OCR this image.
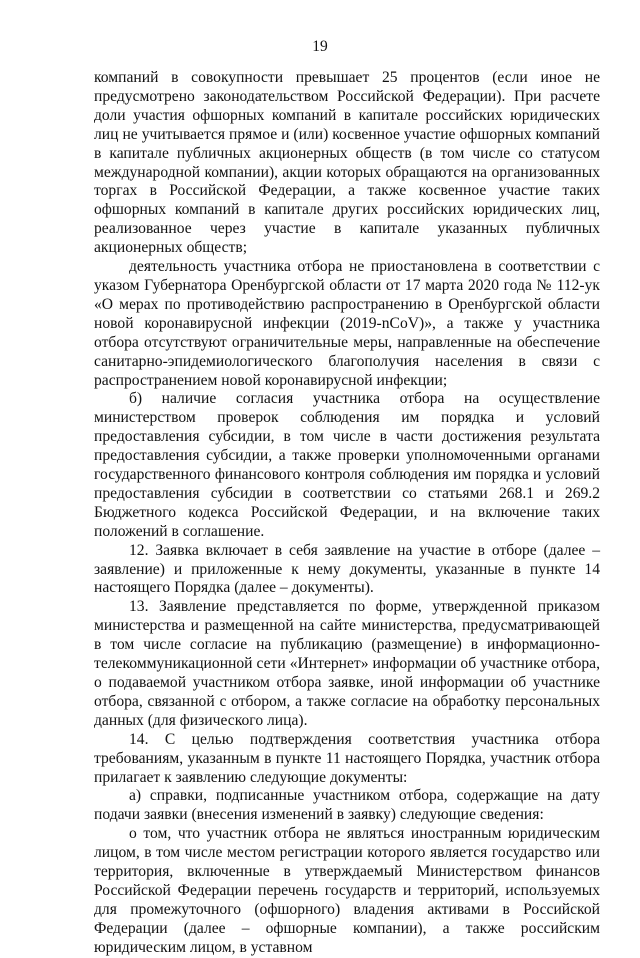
19

компаний в совокупности превышает 25 процентов (если иное не предусмотрено законодательством Российской Федерации). При расчете доли участия офшорных компаний в капитале российских юридических лиц не учитывается прямое и (или) косвенное участие офшорных компаний в капитале публичных акционерных обществ (в том числе со статусом международной компании), акции которых обращаются на организованных торгах в Российской Федерации, а также косвенное участие таких офшорных компаний в капитале других российских юридических лиц, реализованное через участие в капитале указанных публичных акционерных обществ;

деятельность участника отбора не приостановлена в соответствии с указом Губернатора Оренбургской области от 17 марта 2020 года № 112-ук «О мерах по противодействию распространению в Оренбургской области новой коронавирусной инфекции (2019-nCoV)», а также у участника отбора отсутствуют ограничительные меры, направленные на обеспечение санитарно-эпидемиологического благополучия населения в связи с распространением новой коронавирусной инфекции;

б) наличие согласия участника отбора на осуществление министерством проверок соблюдения им порядка и условий предоставления субсидии, в том числе в части достижения результата предоставления субсидии, а также проверки уполномоченными органами государственного финансового контроля соблюдения им порядка и условий предоставления субсидии в соответствии со статьями 268.1 и 269.2 Бюджетного кодекса Российской Федерации, и на включение таких положений в соглашение.

12. Заявка включает в себя заявление на участие в отборе (далее – заявление) и приложенные к нему документы, указанные в пункте 14 настоящего Порядка (далее – документы).

13. Заявление представляется по форме, утвержденной приказом министерства и размещенной на сайте министерства, предусматривающей в том числе согласие на публикацию (размещение) в информационно-телекоммуникационной сети «Интернет» информации об участнике отбора, о подаваемой участником отбора заявке, иной информации об участнике отбора, связанной с отбором, а также согласие на обработку персональных данных (для физического лица).

14. С целью подтверждения соответствия участника отбора требованиям, указанным в пункте 11 настоящего Порядка, участник отбора прилагает к заявлению следующие документы:

а) справки, подписанные участником отбора, содержащие на дату подачи заявки (внесения изменений в заявку) следующие сведения:

о том, что участник отбора не являться иностранным юридическим лицом, в том числе местом регистрации которого является государство или территория, включенные в утверждаемый Министерством финансов Российской Федерации перечень государств и территорий, используемых для промежуточного (офшорного) владения активами в Российской Федерации (далее – офшорные компании), а также российским юридическим лицом, в уставном
